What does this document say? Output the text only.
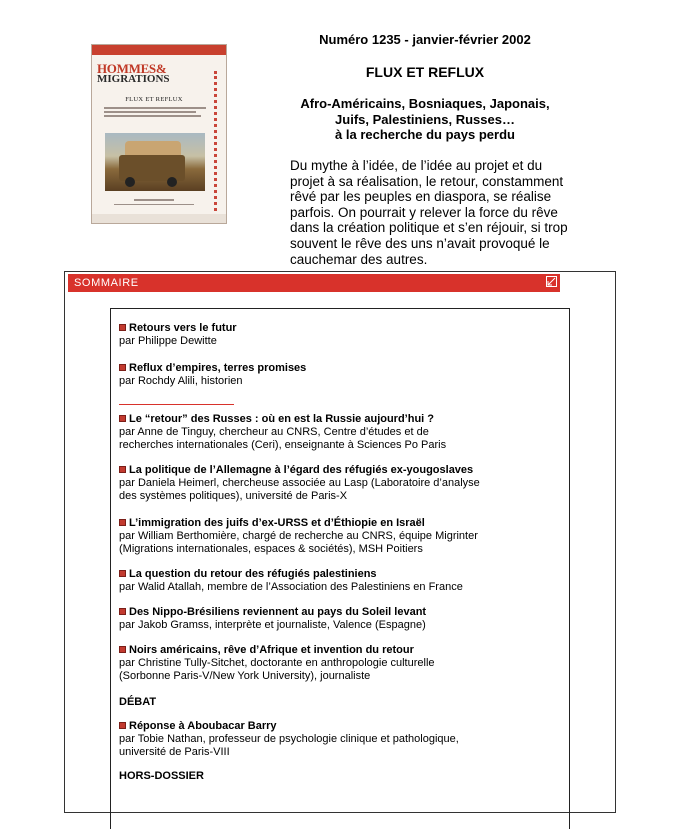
HOMMES&
MIGRATIONS
FLUX ET REFLUX
Numéro 1235 - janvier-février 2002
FLUX ET REFLUX
Afro-Américains, Bosniaques, Japonais,
Juifs, Palestiniens, Russes…
à la recherche du pays perdu
Du mythe à l’idée, de l’idée au projet et du
projet à sa réalisation, le retour, constamment
rêvé par les peuples en diaspora, se réalise
parfois. On pourrait y relever la force du rêve
dans la création politique et s’en réjouir, si trop
souvent le rêve des uns n’avait provoqué le
cauchemar des autres.
SOMMAIRE
Retours vers le futur
par Philippe Dewitte
Reflux d’empires, terres promises
par Rochdy Alili, historien
Le “retour” des Russes : où en est la Russie aujourd’hui ?
par Anne de Tinguy, chercheur au CNRS, Centre d’études et de
recherches internationales (Ceri), enseignante à Sciences Po Paris
La politique de l’Allemagne à l’égard des réfugiés ex-yougoslaves
par Daniela Heimerl, chercheuse associée au Lasp (Laboratoire d’analyse
des systèmes politiques), université de Paris-X
L’immigration des juifs d’ex-URSS et d’Éthiopie en Israël
par William Berthomière, chargé de recherche au CNRS, équipe Migrinter
(Migrations internationales, espaces & sociétés), MSH Poitiers
La question du retour des réfugiés palestiniens
par Walid Atallah, membre de l’Association des Palestiniens en France
Des Nippo-Brésiliens reviennent au pays du Soleil levant
par Jakob Gramss, interprète et journaliste, Valence (Espagne)
Noirs américains, rêve d’Afrique et invention du retour
par Christine Tully-Sitchet, doctorante en anthropologie culturelle
(Sorbonne Paris-V/New York University), journaliste
DÉBAT
Réponse à Aboubacar Barry
par Tobie Nathan, professeur de psychologie clinique et pathologique,
université de Paris-VIII
HORS-DOSSIER
